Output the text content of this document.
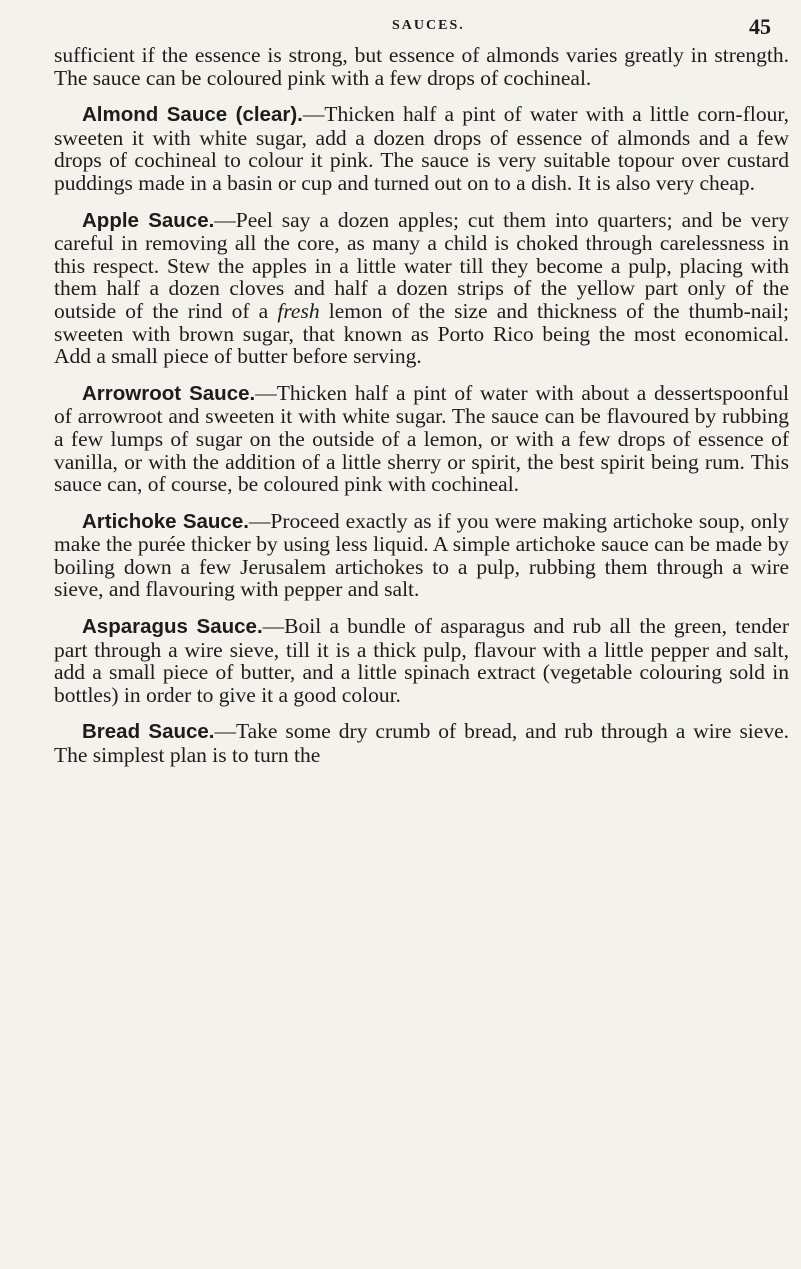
SAUCES.	45

sufficient if the essence is strong, but essence of almonds varies greatly in strength. The sauce can be coloured pink with a few drops of cochineal.

Almond Sauce (clear).—Thicken half a pint of water with a little corn-flour, sweeten it with white sugar, add a dozen drops of essence of almonds and a few drops of cochineal to colour it pink. The sauce is very suitable topour over custard puddings made in a basin or cup and turned out on to a dish. It is also very cheap.

Apple Sauce.—Peel say a dozen apples; cut them into quarters; and be very careful in removing all the core, as many a child is choked through carelessness in this respect. Stew the apples in a little water till they become a pulp, placing with them half a dozen cloves and half a dozen strips of the yellow part only of the outside of the rind of a fresh lemon of the size and thickness of the thumb-nail; sweeten with brown sugar, that known as Porto Rico being the most economical. Add a small piece of butter before serving.

Arrowroot Sauce.—Thicken half a pint of water with about a dessertspoonful of arrowroot and sweeten it with white sugar. The sauce can be flavoured by rubbing a few lumps of sugar on the outside of a lemon, or with a few drops of essence of vanilla, or with the addition of a little sherry or spirit, the best spirit being rum. This sauce can, of course, be coloured pink with cochineal.

Artichoke Sauce.—Proceed exactly as if you were making artichoke soup, only make the purée thicker by using less liquid. A simple artichoke sauce can be made by boiling down a few Jerusalem artichokes to a pulp, rubbing them through a wire sieve, and flavouring with pepper and salt.

Asparagus Sauce.—Boil a bundle of asparagus and rub all the green, tender part through a wire sieve, till it is a thick pulp, flavour with a little pepper and salt, add a small piece of butter, and a little spinach extract (vegetable colouring sold in bottles) in order to give it a good colour.

Bread Sauce.—Take some dry crumb of bread, and rub through a wire sieve. The simplest plan is to turn the
